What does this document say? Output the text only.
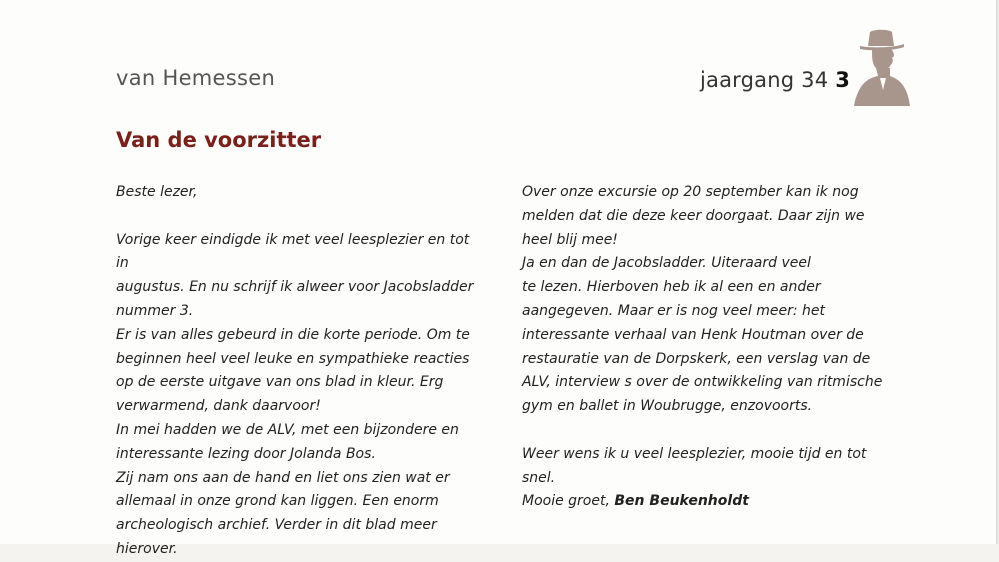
van Hemessen	jaargang 34 3
Van de voorzitter

Beste lezer,

Vorige keer eindigde ik met veel leesplezier en tot in

augustus. En nu schrijf ik alweer voor Jacobsladder

nummer 3.

Er is van alles gebeurd in die korte periode. Om te

beginnen heel veel leuke en sympathieke reacties

op de eerste uitgave van ons blad in kleur. Erg

verwarmend, dank daarvoor!

In mei hadden we de ALV, met een bijzondere en

interessante lezing door Jolanda Bos.

Zij nam ons aan de hand en liet ons zien wat er

allemaal in onze grond kan liggen. Een enorm

archeologisch archief. Verder in dit blad meer

hierover.

Over onze excursie op 20 september kan ik nog

melden dat die deze keer doorgaat. Daar zijn we

heel blij mee!

Ja en dan de Jacobsladder. Uiteraard veel

te lezen. Hierboven heb ik al een en ander

aangegeven. Maar er is nog veel meer: het

interessante verhaal van Henk Houtman over de

restauratie van de Dorpskerk, een verslag van de

ALV, interview s over de ontwikkeling van ritmische

gym en ballet in Woubrugge, enzovoorts.

Weer wens ik u veel leesplezier, mooie tijd en tot

snel.

Mooie groet, Ben Beukenholdt
